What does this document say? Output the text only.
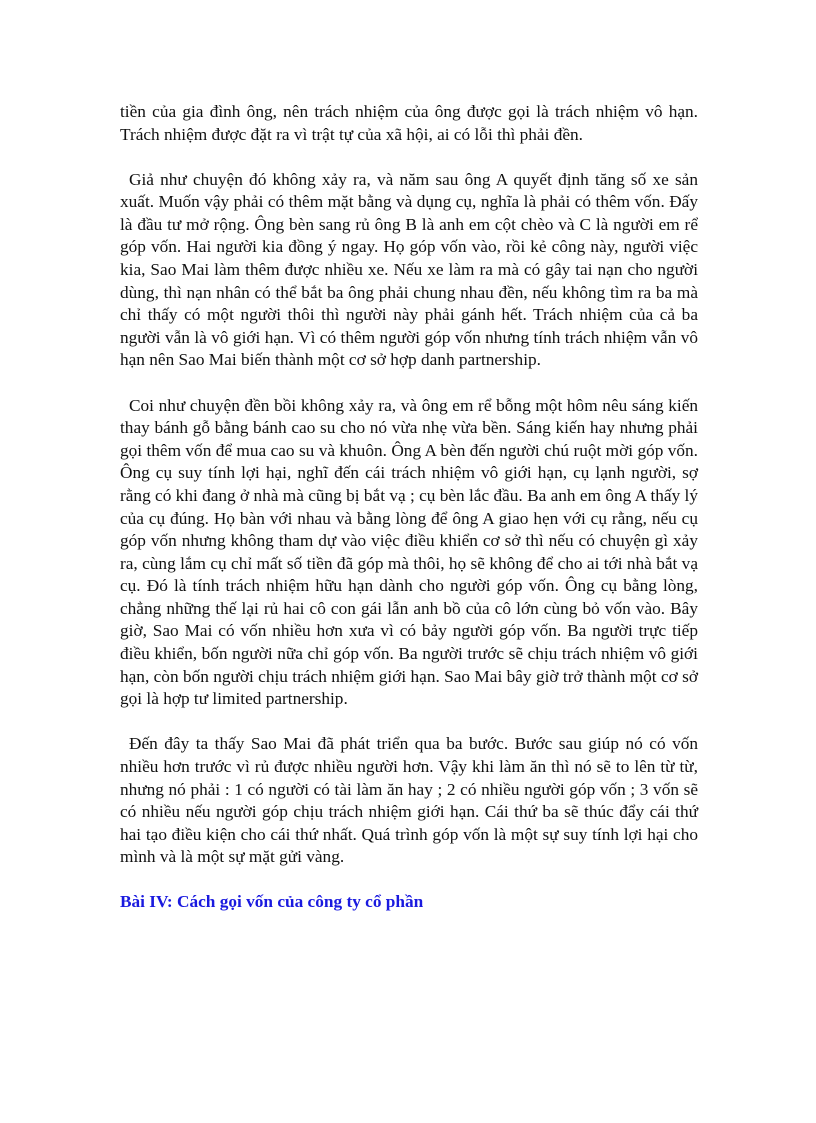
tiền của gia đình ông, nên trách nhiệm của ông được gọi là trách nhiệm vô hạn. Trách nhiệm được đặt ra vì trật tự của xã hội, ai có lỗi thì phải đền.

Giả như chuyện đó không xảy ra, và năm sau ông A quyết định tăng số xe sản xuất. Muốn vậy phải có thêm mặt bằng và dụng cụ, nghĩa là phải có thêm vốn. Đấy là đầu tư mở rộng. Ông bèn sang rủ ông B là anh em cột chèo và C là người em rể góp vốn. Hai người kia đồng ý ngay. Họ góp vốn vào, rồi kẻ công này, người việc kia, Sao Mai làm thêm được nhiều xe. Nếu xe làm ra mà có gây tai nạn cho người dùng, thì nạn nhân có thể bắt ba ông phải chung nhau đền, nếu không tìm ra ba mà chỉ thấy có một người thôi thì người này phải gánh hết. Trách nhiệm của cả ba người vẫn là vô giới hạn. Vì có thêm người góp vốn nhưng tính trách nhiệm vẫn vô hạn nên Sao Mai biến thành một cơ sở hợp danh partnership.

Coi như chuyện đền bồi không xảy ra, và ông em rể bỗng một hôm nêu sáng kiến thay bánh gỗ bằng bánh cao su cho nó vừa nhẹ vừa bền. Sáng kiến hay nhưng phải gọi thêm vốn để mua cao su và khuôn. Ông A bèn đến người chú ruột mời góp vốn. Ông cụ suy tính lợi hại, nghĩ đến cái trách nhiệm vô giới hạn, cụ lạnh người, sợ rằng có khi đang ở nhà mà cũng bị bắt vạ ; cụ bèn lắc đầu. Ba anh em ông A thấy lý của cụ đúng. Họ bàn với nhau và bằng lòng để ông A giao hẹn với cụ rằng, nếu cụ góp vốn nhưng không tham dự vào việc điều khiển cơ sở thì nếu có chuyện gì xảy ra, cùng lắm cụ chỉ mất số tiền đã góp mà thôi, họ sẽ không để cho ai tới nhà bắt vạ cụ. Đó là tính trách nhiệm hữu hạn dành cho người góp vốn. Ông cụ bằng lòng, chẳng những thế lại rủ hai cô con gái lẫn anh bồ của cô lớn cùng bỏ vốn vào. Bây giờ, Sao Mai có vốn nhiều hơn xưa vì có bảy người góp vốn. Ba người trực tiếp điều khiển, bốn người nữa chỉ góp vốn. Ba người trước sẽ chịu trách nhiệm vô giới hạn, còn bốn người chịu trách nhiệm giới hạn. Sao Mai bây giờ trở thành một cơ sở gọi là hợp tư limited partnership.

Đến đây ta thấy Sao Mai đã phát triển qua ba bước. Bước sau giúp nó có vốn nhiều hơn trước vì rủ được nhiều người hơn. Vậy khi làm ăn thì nó sẽ to lên từ từ, nhưng nó phải : 1 có người có tài làm ăn hay ; 2 có nhiều người góp vốn ; 3 vốn sẽ có nhiều nếu người góp chịu trách nhiệm giới hạn. Cái thứ ba sẽ thúc đẩy cái thứ hai tạo điều kiện cho cái thứ nhất. Quá trình góp vốn là một sự suy tính lợi hại cho mình và là một sự mặt gửi vàng.

Bài IV: Cách gọi vốn của công ty cổ phần
